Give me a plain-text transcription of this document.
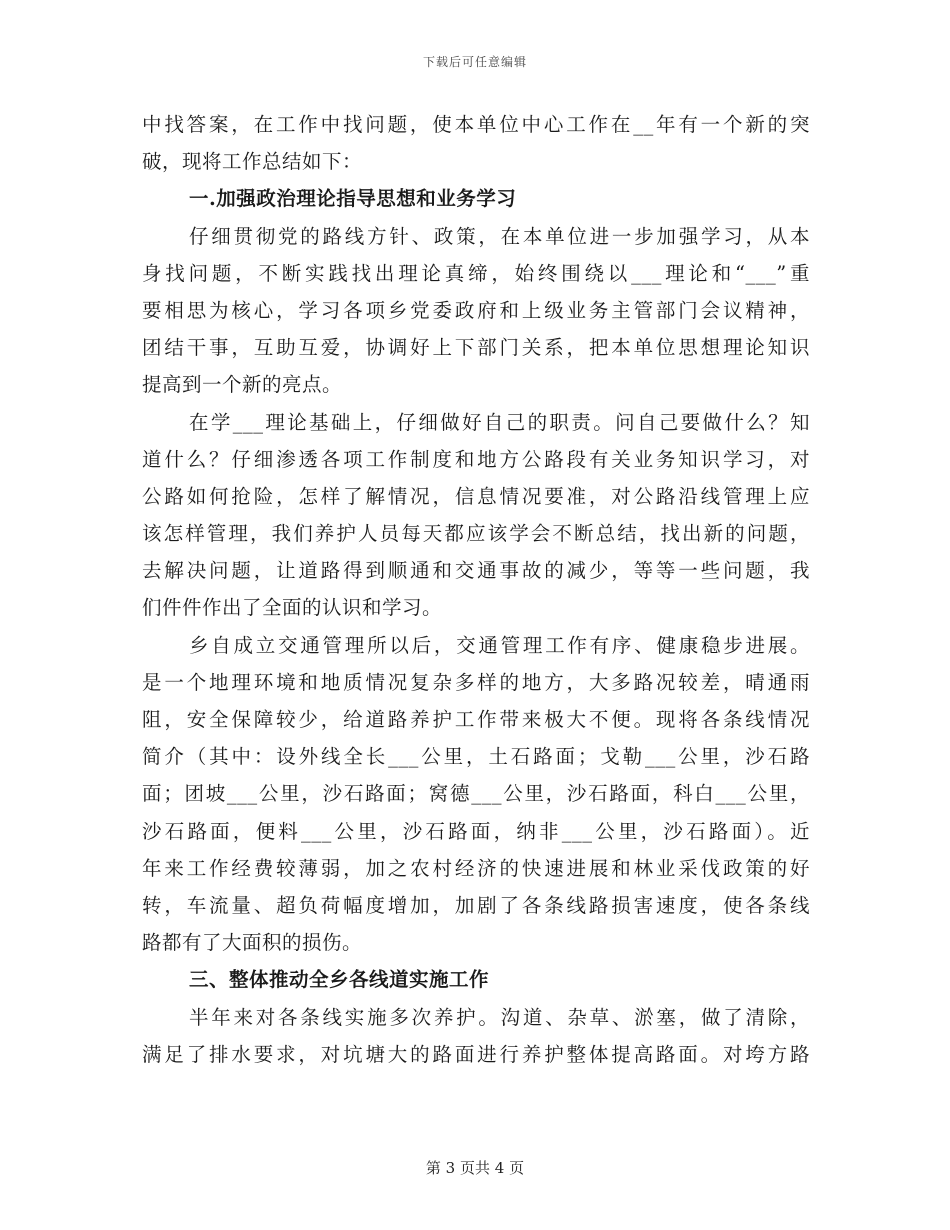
下载后可任意编辑
中找答案，在工作中找问题，使本单位中心工作在__年有一个新的突
破，现将工作总结如下：
一.加强政治理论指导思想和业务学习
仔细贯彻党的路线方针、政策，在本单位进一步加强学习，从本
身找问题，不断实践找出理论真缔，始终围绕以___理论和“___”重
要相思为核心，学习各项乡党委政府和上级业务主管部门会议精神，
团结干事，互助互爱，协调好上下部门关系，把本单位思想理论知识
提高到一个新的亮点。
在学___理论基础上，仔细做好自己的职责。问自己要做什么？知
道什么？仔细渗透各项工作制度和地方公路段有关业务知识学习，对
公路如何抢险，怎样了解情况，信息情况要准，对公路沿线管理上应
该怎样管理，我们养护人员每天都应该学会不断总结，找出新的问题，
去解决问题，让道路得到顺通和交通事故的减少，等等一些问题，我
们件件作出了全面的认识和学习。
乡自成立交通管理所以后，交通管理工作有序、健康稳步进展。
是一个地理环境和地质情况复杂多样的地方，大多路况较差，晴通雨
阻，安全保障较少，给道路养护工作带来极大不便。现将各条线情况
简介（其中：设外线全长___公里，土石路面；戈勒___公里，沙石路
面；团坡___公里，沙石路面；窝德___公里，沙石路面，科白___公里，
沙石路面，便料___公里，沙石路面，纳非___公里，沙石路面）。近
年来工作经费较薄弱，加之农村经济的快速进展和林业采伐政策的好
转，车流量、超负荷幅度增加，加剧了各条线路损害速度，使各条线
路都有了大面积的损伤。
三、整体推动全乡各线道实施工作
半年来对各条线实施多次养护。沟道、杂草、淤塞，做了清除，
满足了排水要求，对坑塘大的路面进行养护整体提高路面。对垮方路
第 3 页共 4 页
